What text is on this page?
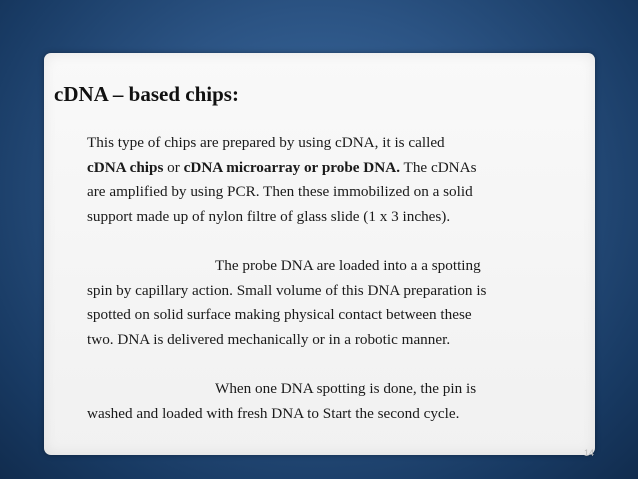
cDNA – based chips:
This type of chips are prepared by using cDNA, it is called
cDNA chips or cDNA microarray or probe DNA. The cDNAs
are amplified by using PCR. Then these immobilized on a solid
support made up of nylon filtre of glass slide (1 x 3 inches).
The probe DNA are loaded into a a spotting
spin by capillary action. Small volume of this DNA preparation is
spotted on solid surface making physical contact between these
two. DNA is delivered mechanically or in a robotic manner.
When one DNA spotting is done, the pin is
washed and loaded with fresh DNA to Start the second cycle.
14
